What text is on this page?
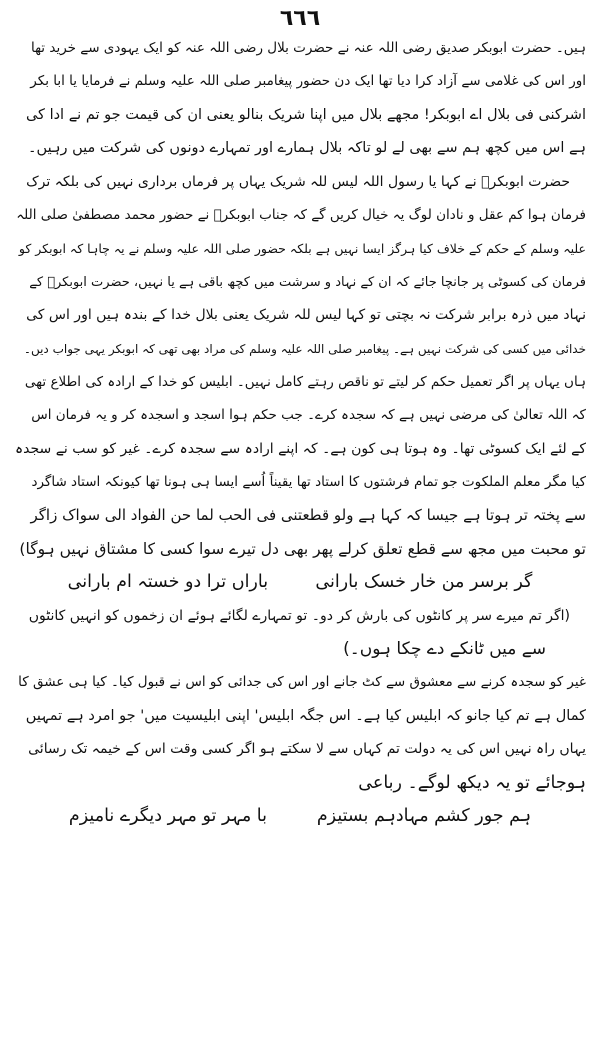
٦٦٦
ہیں۔ حضرت ابوبکر صدیق رضی اللہ عنہ نے حضرت بلال رضی اللہ عنہ کو ایک یہودی سے خرید تھا
اور اس کی غلامی سے آزاد کرا دیا تھا ایک دن حضور پیغامبر صلی اللہ علیہ وسلم نے فرمایا یا ابا بکر
اشرکنی فی بلال اے ابوبکر! مجھے بلال میں اپنا شریک بنالو یعنی ان کی قیمت جو تم نے ادا کی
ہے اس میں کچھ ہم سے بھی لے لو تاکہ بلال ہمارے اور تمہارے دونوں کی شرکت میں رہیں۔
حضرت ابوبکرؓ نے کہا یا رسول اللہ لیس للہ شریک یہاں پر فرماں برداری نہیں کی بلکہ ترک
فرمان ہوا کم عقل و نادان لوگ یہ خیال کریں گے کہ جناب ابوبکرؓ نے حضور محمد مصطفیٰ صلی اللہ
علیہ وسلم کے حکم کے خلاف کیا ہرگز ایسا نہیں ہے بلکہ حضور صلی اللہ علیہ وسلم نے یہ چاہا کہ ابوبکر کو
فرمان کی کسوٹی پر جانچا جائے کہ ان کے نہاد و سرشت میں کچھ باقی ہے یا نہیں، حضرت ابوبکرؓ کے
نہاد میں ذرہ برابر شرکت نہ بچتی تو کہا لیس للہ شریک یعنی بلال خدا کے بندہ ہیں اور اس کی
خدائی میں کسی کی شرکت نہیں ہے۔ پیغامبر صلی اللہ علیہ وسلم کی مراد بھی تھی کہ ابوبکر یہی جواب دیں۔
ہاں یہاں پر اگر تعمیل حکم کر لیتے تو ناقص رہتے کامل نہیں۔ ابلیس کو خدا کے ارادہ کی اطلاع تھی
کہ اللہ تعالیٰ کی مرضی نہیں ہے کہ سجدہ کرے۔ جب حکم ہوا اسجد و اسجدہ کر و یہ فرمان اس
کے لئے ایک کسوٹی تھا۔ وہ ہوتا ہی کون ہے۔ کہ اپنے ارادہ سے سجدہ کرے۔ غیر کو سب نے سجدہ
کیا مگر معلم الملکوت جو تمام فرشتوں کا استاد تھا یقیناً اُسے ایسا ہی ہونا تھا کیونکہ استاد شاگرد
سے پختہ تر ہوتا ہے جیسا کہ کہا ہے ولو قطعتنی فی الحب لما حن الفواد الی سواک زاگر
تو محبت میں مجھ سے قطع تعلق کرلے پھر بھی دل تیرے سوا کسی کا مشتاق نہیں ہوگا)
گر برسر من خار خسک بارانی
باراں ترا دو خستہ ام بارانی
(اگر تم میرے سر پر کانٹوں کی بارش کر دو۔ تو تمہارے لگائے ہوئے ان زخموں کو انہیں کانٹوں
سے میں ٹانکے دے چکا ہوں۔)
غیر کو سجدہ کرنے سے معشوق سے کٹ جانے اور اس کی جدائی کو اس نے قبول کیا۔ کیا ہی عشق کا
کمال ہے تم کیا جانو کہ ابلیس کیا ہے۔ اس جگہ ابلیس' اپنی ابلیسیت میں' جو امرد ہے تمہیں
یہاں راہ نہیں اس کی یہ دولت تم کہاں سے لا سکتے ہو اگر کسی وقت اس کے خیمہ تک رسائی
ہوجائے تو یہ دیکھ لوگے۔ رباعی
ہم جور کشم مہادہم بستیزم
با مہر تو مہر دیگرے نامیزم
